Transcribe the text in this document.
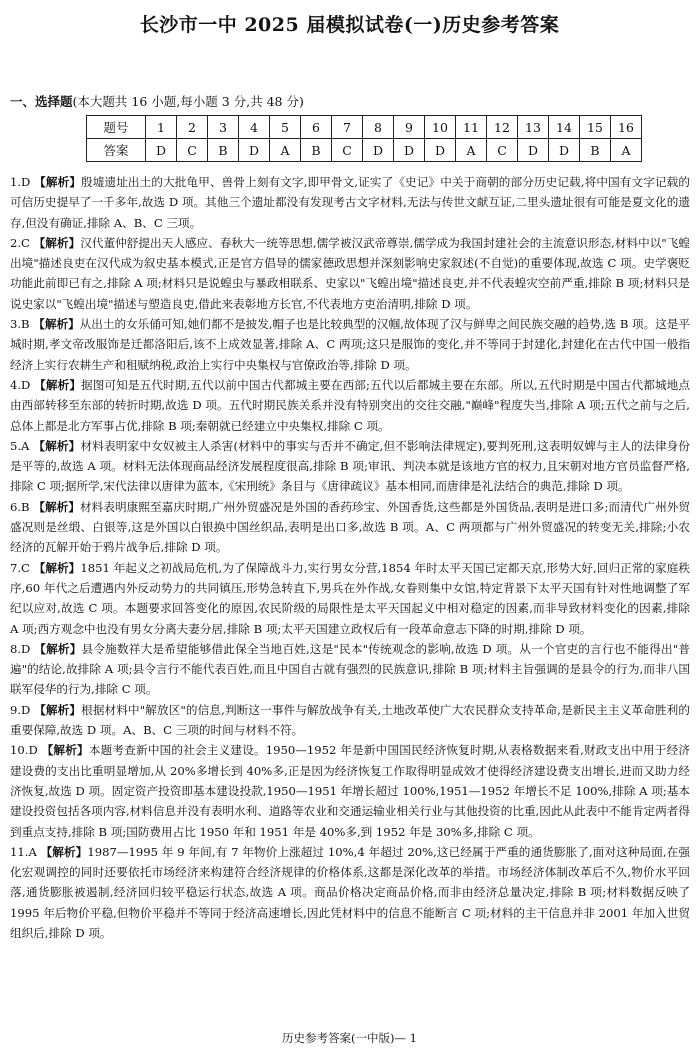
长沙市一中 2025 届模拟试卷(一)历史参考答案
一、选择题(本大题共 16 小题,每小题 3 分,共 48 分)
题号	1	2	3	4	5	6	7	8	9	10	11	12	13	14	15	16
答案	D	C	B	D	A	B	C	D	D	D	A	C	D	D	B	A

1.D 【解析】殷墟遗址出土的大批龟甲、兽骨上刻有文字,即甲骨文,证实了《史记》中关于商朝的部分历史记载,将中国有文字记载的可信历史提早了一千多年,故选 D 项。其他三个遗址都没有发现考古文字材料,无法与传世文献互证,二里头遗址很有可能是夏文化的遗存,但没有确证,排除 A、B、C 三项。

2.C 【解析】汉代董仲舒提出天人感应、春秋大一统等思想,儒学被汉武帝尊崇,儒学成为我国封建社会的主流意识形态,材料中以"飞蝗出境"描述良吏在汉代成为叙史基本模式,正是官方倡导的儒家德政思想并深刻影响史家叙述(不自觉)的重要体现,故选 C 项。史学褒贬功能此前即已有之,排除 A 项;材料只是说蝗虫与暴政相联系、史家以"飞蝗出境"描述良吏,并不代表蝗灾空前严重,排除 B 项;材料只是说史家以"飞蝗出境"描述与塑造良吏,借此来表彰地方长官,不代表地方吏治清明,排除 D 项。

3.B 【解析】从出土的女乐俑可知,她们都不是披发,帽子也是比较典型的汉帼,故体现了汉与鲜卑之间民族交融的趋势,选 B 项。这是平城时期,孝文帝改服饰是迁都洛阳后,该不上成效显著,排除 A、C 两项;这只是服饰的变化,并不等同于封建化,封建化在古代中国一般指经济上实行农耕生产和租赋纳税,政治上实行中央集权与官僚政治等,排除 D 项。

4.D 【解析】据图可知是五代时期,五代以前中国古代都城主要在西部;五代以后都城主要在东部。所以,五代时期是中国古代都城地点由西部转移至东部的转折时期,故选 D 项。五代时期民族关系并没有特别突出的交往交融,"巅峰"程度失当,排除 A 项;五代之前与之后,总体上都是北方军事占优,排除 B 项;秦朝就已经建立中央集权,排除 C 项。

5.A 【解析】材料表明家中女奴被主人杀害(材料中的事实与否并不确定,但不影响法律规定),要判死刑,这表明奴婢与主人的法律身份是平等的,故选 A 项。材料无法体现商品经济发展程度很高,排除 B 项;审讯、判决本就是该地方官的权力,且宋朝对地方官员监督严格,排除 C 项;据所学,宋代法律以唐律为蓝本,《宋刑统》条目与《唐律疏议》基本相同,而唐律是礼法结合的典范,排除 D 项。

6.B 【解析】材料表明康熙至嘉庆时期,广州外贸盛况是外国的香药珍宝、外国香货,这些都是外国货品,表明是进口多;而清代广州外贸盛况则是丝缎、白银等,这是外国以白银换中国丝织品,表明是出口多,故选 B 项。A、C 两项都与广州外贸盛况的转变无关,排除;小农经济的瓦解开始于鸦片战争后,排除 D 项。

7.C 【解析】1851 年起义之初战局危机,为了保障战斗力,实行男女分营,1854 年时太平天国已定都天京,形势大好,回归正常的家庭秩序,60 年代之后遭遇内外反动势力的共同镇压,形势急转直下,男兵在外作战,女眷则集中女馆,特定背景下太平天国有针对性地调整了军纪以应对,故选 C 项。本题要求回答变化的原因,农民阶级的局限性是太平天国起义中相对稳定的因素,而非导致材料变化的因素,排除 A 项;西方观念中也没有男女分离夫妻分居,排除 B 项;太平天国建立政权后有一段革命意志下降的时期,排除 D 项。

8.D 【解析】县令施数祥大是希望能够借此保全当地百姓,这是"民本"传统观念的影响,故选 D 项。从一个官吏的言行也不能得出"普遍"的结论,故排除 A 项;县令言行不能代表百姓,而且中国自古就有强烈的民族意识,排除 B 项;材料主旨强调的是县令的行为,而非八国联军侵华的行为,排除 C 项。

9.D 【解析】根据材料中"解放区"的信息,判断这一事件与解放战争有关,土地改革使广大农民群众支持革命,是新民主主义革命胜利的重要保障,故选 D 项。A、B、C 三项的时间与材料不符。

10.D 【解析】本题考查新中国的社会主义建设。1950—1952 年是新中国国民经济恢复时期,从表格数据来看,财政支出中用于经济建设费的支出比重明显增加,从 20%多增长到 40%多,正是因为经济恢复工作取得明显成效才使得经济建设费支出增长,进而又助力经济恢复,故选 D 项。固定资产投资即基本建设投款,1950—1951 年增长超过 100%,1951—1952 年增长不足 100%,排除 A 项;基本建设投资包括各项内容,材料信息并没有表明水利、道路等农业和交通运输业相关行业与其他投资的比重,因此从此表中不能肯定两者得到重点支持,排除 B 项;国防费用占比 1950 年和 1951 年是 40%多,到 1952 年是 30%多,排除 C 项。

11.A 【解析】1987—1995 年 9 年间,有 7 年物价上涨超过 10%,4 年超过 20%,这已经属于严重的通货膨胀了,面对这种局面,在强化宏观调控的同时还要依托市场经济来构建符合经济规律的价格体系,这都是深化改革的举措。市场经济体制改革后不久,物价水平回落,通货膨胀被遏制,经济回归较平稳运行状态,故选 A 项。商品价格决定商品价格,而非由经济总量决定,排除 B 项;材料数据反映了 1995 年后物价平稳,但物价平稳并不等同于经济高速增长,因此凭材料中的信息不能断言 C 项;材料的主干信息并非 2001 年加入世贸组织后,排除 D 项。

历史参考答案(一中版)— 1
